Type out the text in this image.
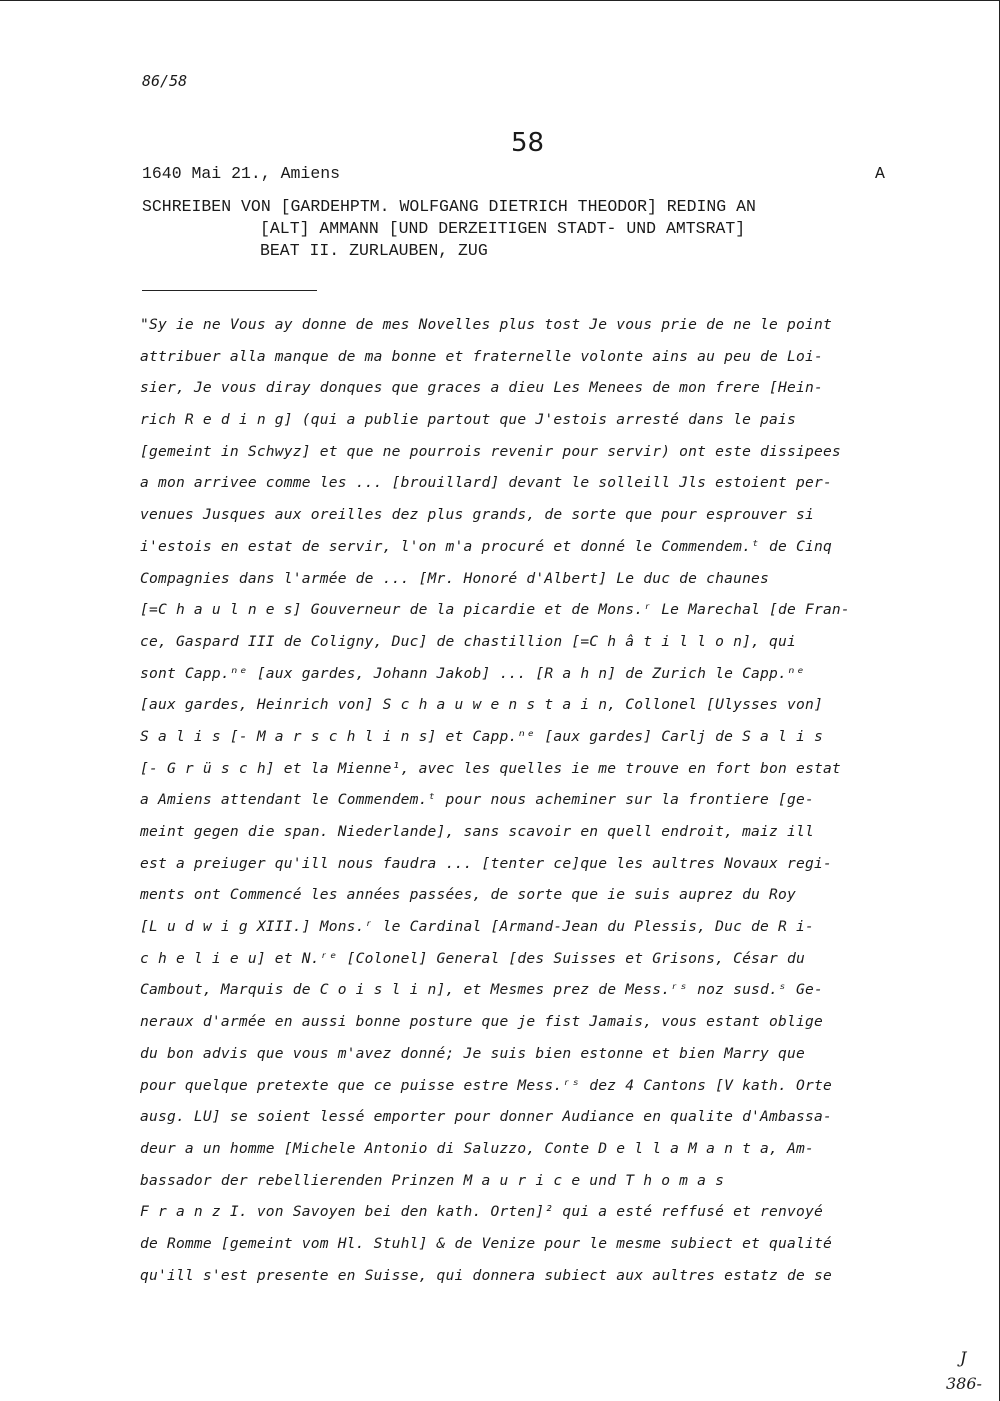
86/58
58
1640 Mai 21., Amiens	A
SCHREIBEN VON [GARDEHPTM. WOLFGANG DIETRICH THEODOR] REDING AN
[ALT] AMMANN [UND DERZEITIGEN STADT- UND AMTSRAT]
BEAT II. ZURLAUBEN, ZUG
"Sy ie ne Vous ay donne de mes Novelles plus tost Je vous prie de ne le point
attribuer alla manque de ma bonne et fraternelle volonte ains au peu de Loi-
sier, Je vous diray donques que graces a dieu Les Menees de mon frere [Hein-
rich R e d i n g] (qui a publie partout que J'estois arresté dans le pais
[gemeint in Schwyz] et que ne pourrois revenir pour servir) ont este dissipees
a mon arrivee comme les ... [brouillard] devant le solleill Jls estoient per-
venues Jusques aux oreilles dez plus grands, de sorte que pour esprouver si
i'estois en estat de servir, l'on m'a procuré et donné le Commendem.ᵗ de Cinq
Compagnies dans l'armée de ... [Mr. Honoré d'Albert] Le duc de chaunes
[=C h a u l n e s] Gouverneur de la picardie et de Mons.ʳ Le Marechal [de Fran-
ce, Gaspard III de Coligny, Duc] de chastillion [=C h â t i l l o n], qui
sont Capp.ⁿᵉ [aux gardes, Johann Jakob] ... [R a h n] de Zurich le Capp.ⁿᵉ
[aux gardes, Heinrich von] S c h a u w e n s t a i n, Collonel [Ulysses von]
S a l i s [- M a r s c h l i n s] et Capp.ⁿᵉ [aux gardes] Carlj de S a l i s
[- G r ü s c h] et la Mienne¹, avec les quelles ie me trouve en fort bon estat
a Amiens attendant le Commendem.ᵗ pour nous acheminer sur la frontiere [ge-
meint gegen die span. Niederlande], sans scavoir en quell endroit, maiz ill
est a preiuger qu'ill nous faudra ... [tenter ce]que les aultres Novaux regi-
ments ont Commencé les années passées, de sorte que ie suis auprez du Roy
[L u d w i g XIII.] Mons.ʳ le Cardinal [Armand-Jean du Plessis, Duc de R i-
c h e l i e u] et N.ʳᵉ [Colonel] General [des Suisses et Grisons, César du
Cambout, Marquis de C o i s l i n], et Mesmes prez de Mess.ʳˢ noz susd.ˢ Ge-
neraux d'armée en aussi bonne posture que je fist Jamais, vous estant oblige
du bon advis que vous m'avez donné; Je suis bien estonne et bien Marry que
pour quelque pretexte que ce puisse estre Mess.ʳˢ dez 4 Cantons [V kath. Orte
ausg. LU] se soient lessé emporter pour donner Audiance en qualite d'Ambassa-
deur a un homme [Michele Antonio di Saluzzo, Conte D e l l a M a n t a, Am-
bassador der rebellierenden Prinzen M a u r i c e und T h o m a s
F r a n z I. von Savoyen bei den kath. Orten]² qui a esté reffusé et renvoyé
de Romme [gemeint vom Hl. Stuhl] & de Venize pour le mesme subiect et qualité
qu'ill s'est presente en Suisse, qui donnera subiect aux aultres estatz de se
J
386-
